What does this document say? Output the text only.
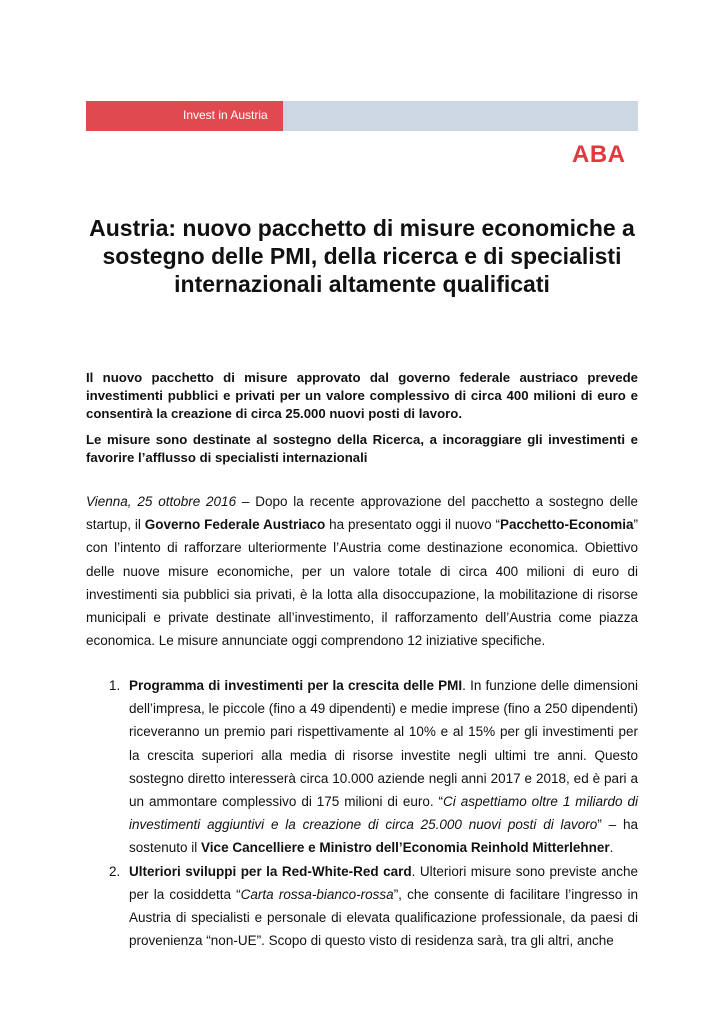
Invest in Austria
ABA
Austria: nuovo pacchetto di misure economiche a sostegno delle PMI, della ricerca e di specialisti internazionali altamente qualificati

Il nuovo pacchetto di misure approvato dal governo federale austriaco prevede investimenti pubblici e privati per un valore complessivo di circa 400 milioni di euro e consentirà la creazione di circa 25.000 nuovi posti di lavoro.

Le misure sono destinate al sostegno della Ricerca, a incoraggiare gli investimenti e favorire l’afflusso di specialisti internazionali

Vienna, 25 ottobre 2016 – Dopo la recente approvazione del pacchetto a sostegno delle startup, il Governo Federale Austriaco ha presentato oggi il nuovo “Pacchetto-Economia” con l’intento di rafforzare ulteriormente l’Austria come destinazione economica. Obiettivo delle nuove misure economiche, per un valore totale di circa 400 milioni di euro di investimenti sia pubblici sia privati, è la lotta alla disoccupazione, la mobilitazione di risorse municipali e private destinate all’investimento, il rafforzamento dell’Austria come piazza economica. Le misure annunciate oggi comprendono 12 iniziative specifiche.

1. Programma di investimenti per la crescita delle PMI. In funzione delle dimensioni dell’impresa, le piccole (fino a 49 dipendenti) e medie imprese (fino a 250 dipendenti) riceveranno un premio pari rispettivamente al 10% e al 15% per gli investimenti per la crescita superiori alla media di risorse investite negli ultimi tre anni. Questo sostegno diretto interesserà circa 10.000 aziende negli anni 2017 e 2018, ed è pari a un ammontare complessivo di 175 milioni di euro. “Ci aspettiamo oltre 1 miliardo di investimenti aggiuntivi e la creazione di circa 25.000 nuovi posti di lavoro” – ha sostenuto il Vice Cancelliere e Ministro dell’Economia Reinhold Mitterlehner.
2. Ulteriori sviluppi per la Red-White-Red card. Ulteriori misure sono previste anche per la cosiddetta “Carta rossa-bianco-rossa”, che consente di facilitare l’ingresso in Austria di specialisti e personale di elevata qualificazione professionale, da paesi di provenienza “non-UE”. Scopo di questo visto di residenza sarà, tra gli altri, anche
